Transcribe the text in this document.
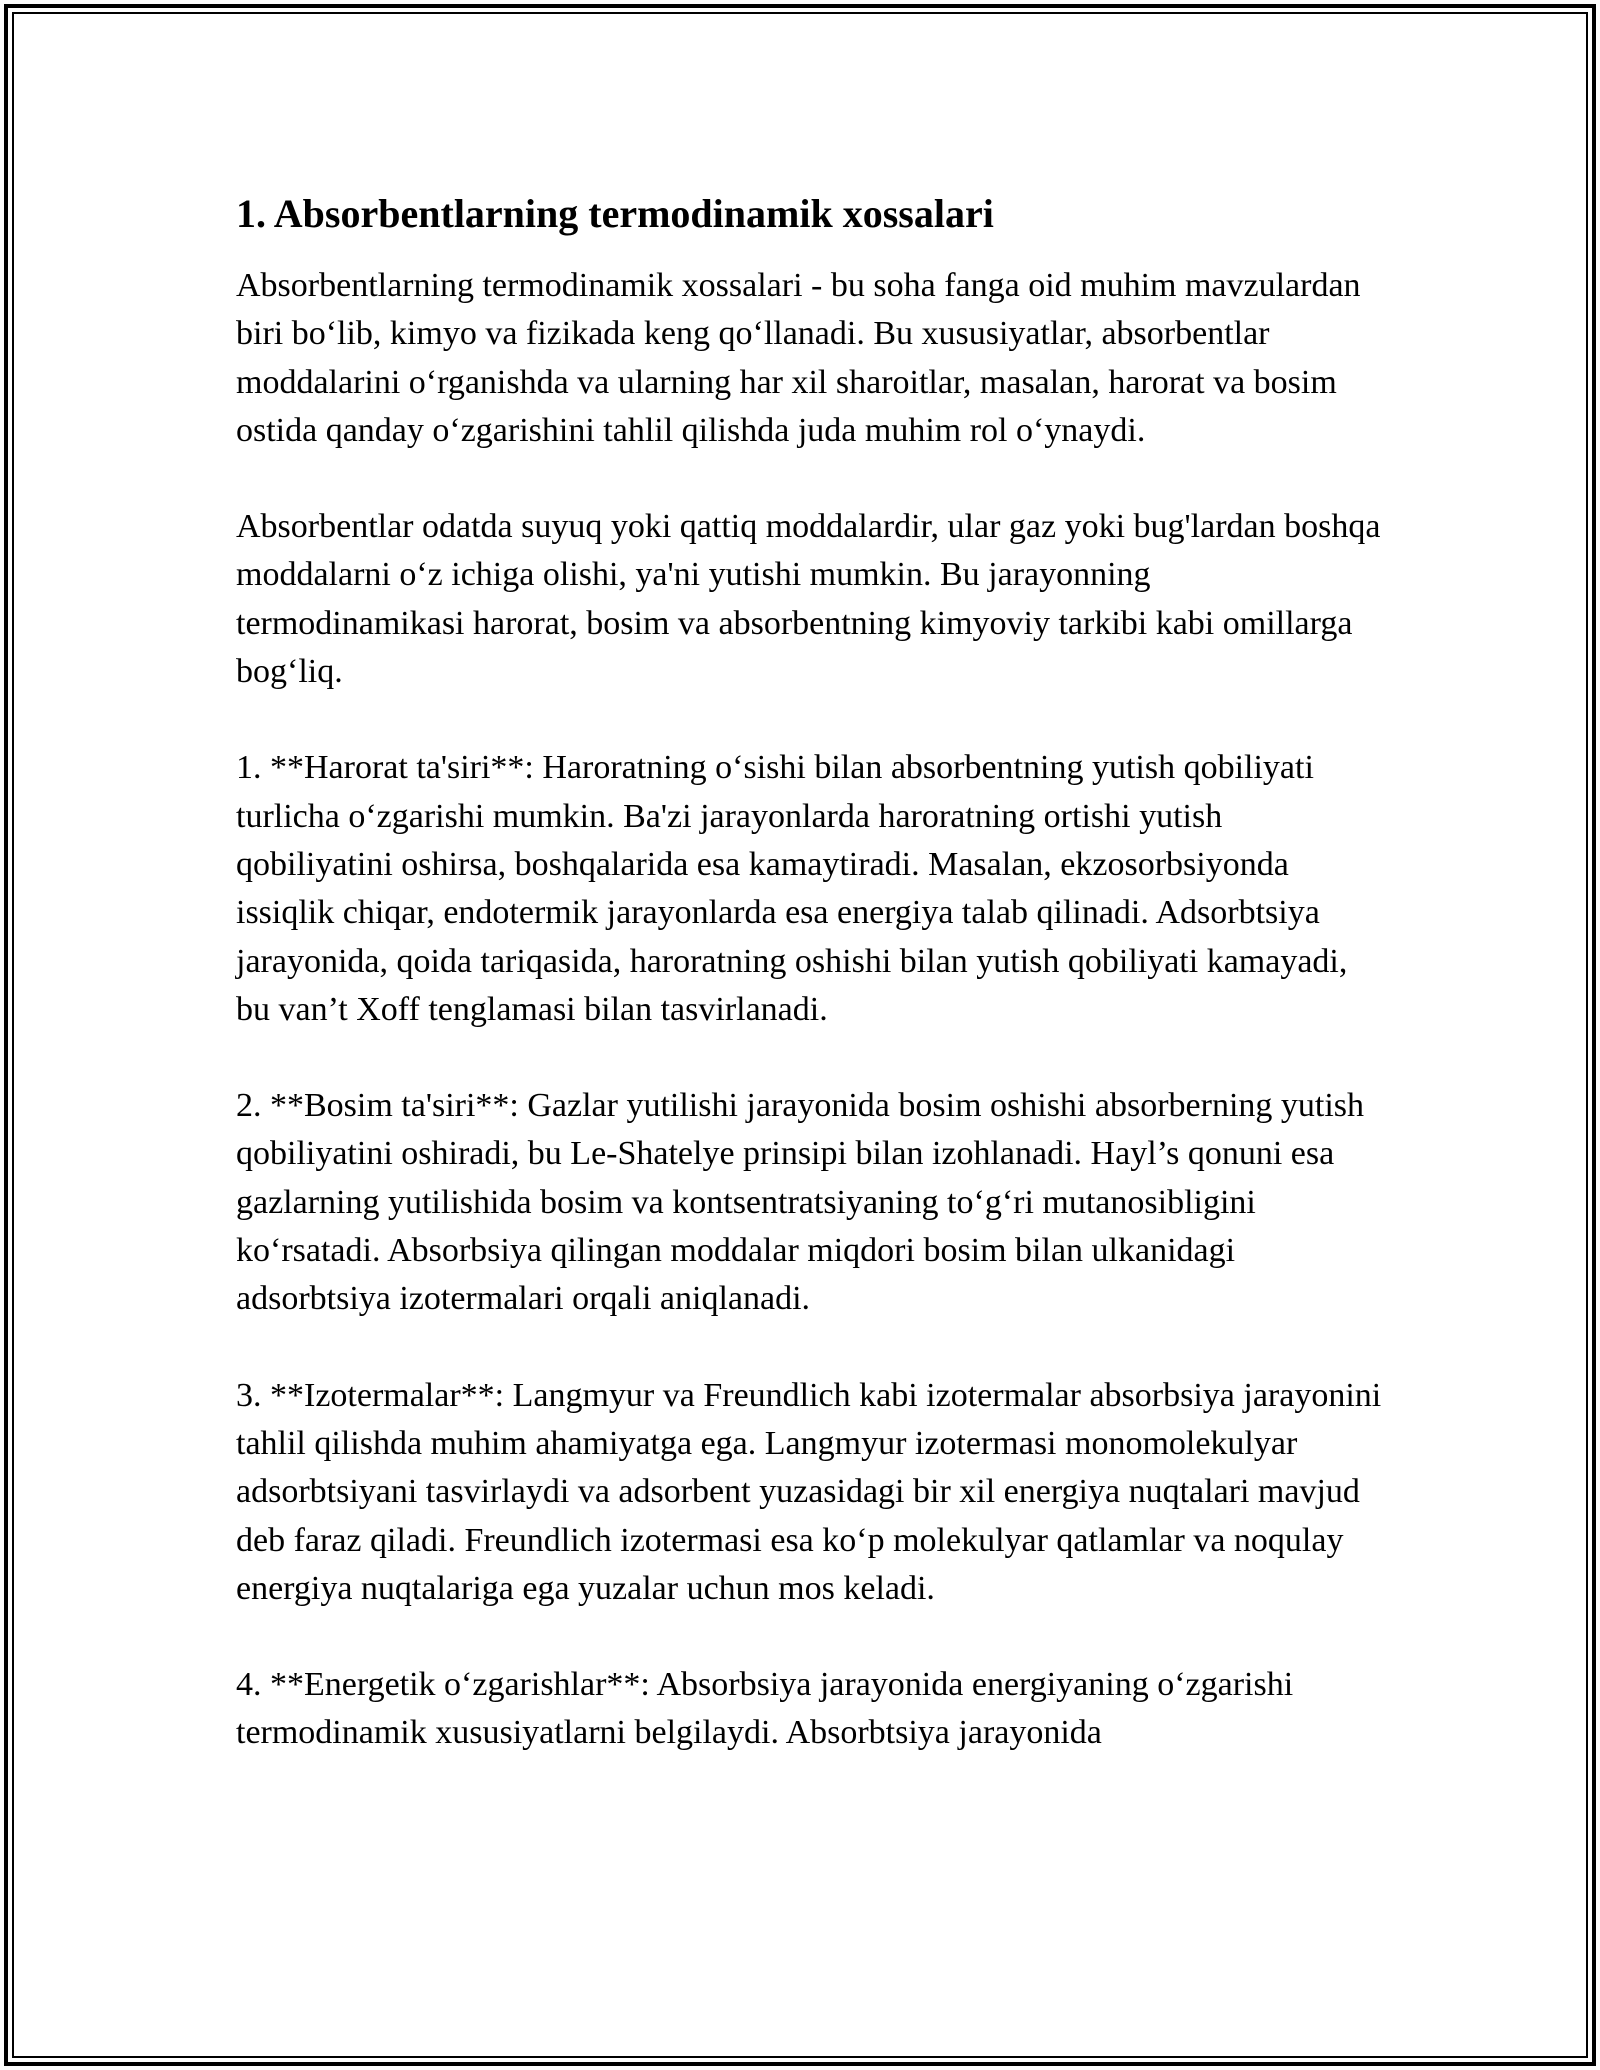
1. Absorbentlarning termodinamik xossalari

Absorbentlarning termodinamik xossalari - bu soha fanga oid muhim mavzulardan biri bo‘lib, kimyo va fizikada keng qo‘llanadi. Bu xususiyatlar, absorbentlar moddalarini o‘rganishda va ularning har xil sharoitlar, masalan, harorat va bosim ostida qanday o‘zgarishini tahlil qilishda juda muhim rol o‘ynaydi.

Absorbentlar odatda suyuq yoki qattiq moddalardir, ular gaz yoki bug'lardan boshqa moddalarni o‘z ichiga olishi, ya'ni yutishi mumkin. Bu jarayonning termodinamikasi harorat, bosim va absorbentning kimyoviy tarkibi kabi omillarga bog‘liq.

1. **Harorat ta'siri**: Haroratning o‘sishi bilan absorbentning yutish qobiliyati turlicha o‘zgarishi mumkin. Ba'zi jarayonlarda haroratning ortishi yutish qobiliyatini oshirsa, boshqalarida esa kamaytiradi. Masalan, ekzosorbsiyonda issiqlik chiqar, endotermik jarayonlarda esa energiya talab qilinadi. Adsorbtsiya jarayonida, qoida tariqasida, haroratning oshishi bilan yutish qobiliyati kamayadi, bu van’t Xoff tenglamasi bilan tasvirlanadi.

2. **Bosim ta'siri**: Gazlar yutilishi jarayonida bosim oshishi absorberning yutish qobiliyatini oshiradi, bu Le-Shatelye prinsipi bilan izohlanadi. Hayl’s qonuni esa gazlarning yutilishida bosim va kontsentratsiyaning to‘g‘ri mutanosibligini ko‘rsatadi. Absorbsiya qilingan moddalar miqdori bosim bilan ulkanidagi adsorbtsiya izotermalari orqali aniqlanadi.

3. **Izotermalar**: Langmyur va Freundlich kabi izotermalar absorbsiya jarayonini tahlil qilishda muhim ahamiyatga ega. Langmyur izotermasi monomolekulyar adsorbtsiyani tasvirlaydi va adsorbent yuzasidagi bir xil energiya nuqtalari mavjud deb faraz qiladi. Freundlich izotermasi esa ko‘p molekulyar qatlamlar va noqulay energiya nuqtalariga ega yuzalar uchun mos keladi.

4. **Energetik o‘zgarishlar**: Absorbsiya jarayonida energiyaning o‘zgarishi termodinamik xususiyatlarni belgilaydi. Absorbtsiya jarayonida
